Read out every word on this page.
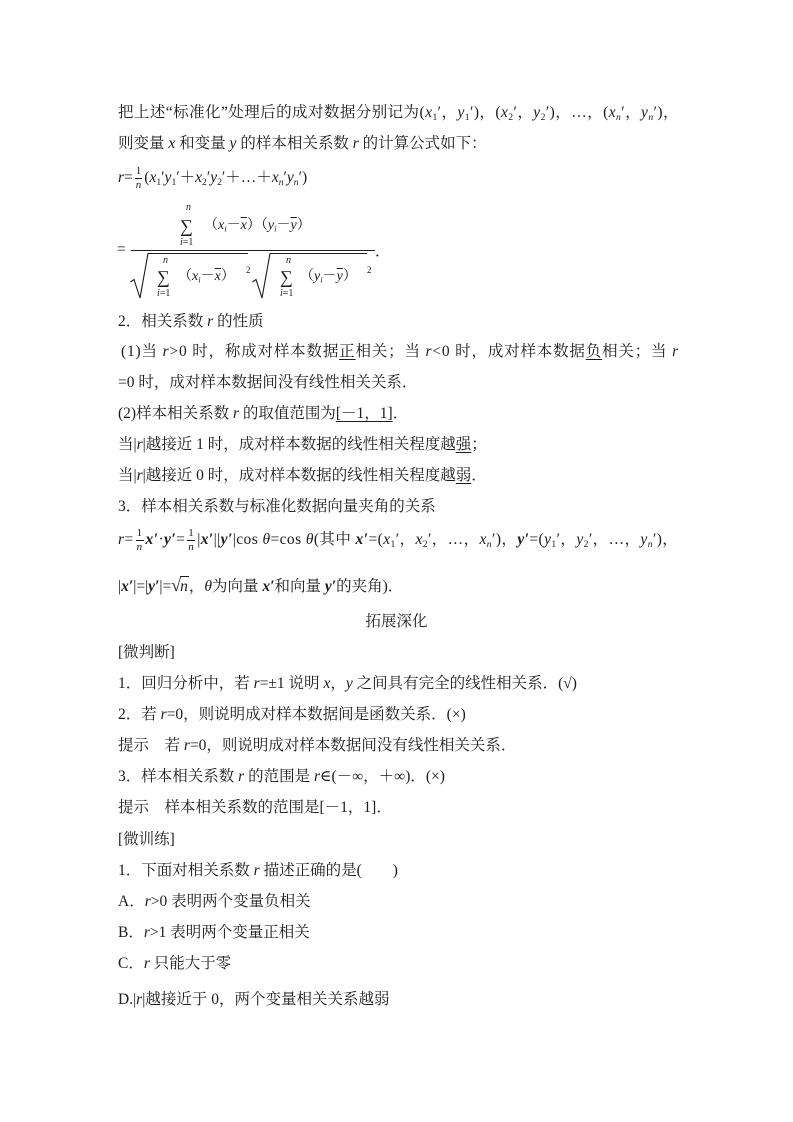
把上述“标准化”处理后的成对数据分别记为(x1′，y1′)，(x2′，y2′)，…，(xn′，yn′)，
则变量 x 和变量 y 的样本相关系数 r 的计算公式如下：
$r= \frac{1}{n}$ (x1′y1′＋x2′y2′＋…＋xn′yn′)
=	．
n
∑
i=1
$(xi-\overline{x})(yi-\overline{y})$
n
∑
i=1
$(xi-\overline{x})$ 2
n
∑
i=1
$(yi-\overline{y})$ 2
2．相关系数 r 的性质
(1)当 r>0 时，称成对样本数据正相关；当 r<0 时，成对样本数据负相关；当 r
=0 时，成对样本数据间没有线性相关关系．
(2)样本相关系数 r 的取值范围为[－1，1]．
当|r|越接近 1 时，成对样本数据的线性相关程度越强；
当|r|越接近 0 时，成对样本数据的线性相关程度越弱．
3．样本相关系数与标准化数据向量夹角的关系
$r= \frac{1}{n} x'\cdot y'= \frac{1}{n} |x'||y'|\cos$ θ=cos θ(其中 x′=(x1′，x2′，…，xn′)，y′=(y1′，y2′，…，yn′)，
|x′|=|y′|=√n，θ为向量 x′和向量 y′的夹角)．
拓展深化
[微判断]
1．回归分析中，若 r=±1 说明 x，y 之间具有完全的线性相关系．(√)
2．若 r=0，则说明成对样本数据间是函数关系．(×)
提示　若 r=0，则说明成对样本数据间没有线性相关关系．
3．样本相关系数 r 的范围是 r∈(－∞，＋∞)．(×)
提示　样本相关系数的范围是[－1，1]．
[微训练]
1．下面对相关系数 r 描述正确的是(　　)
A．r>0 表明两个变量负相关
B．r>1 表明两个变量正相关
C．r 只能大于零
D.|r|越接近于 0，两个变量相关关系越弱
